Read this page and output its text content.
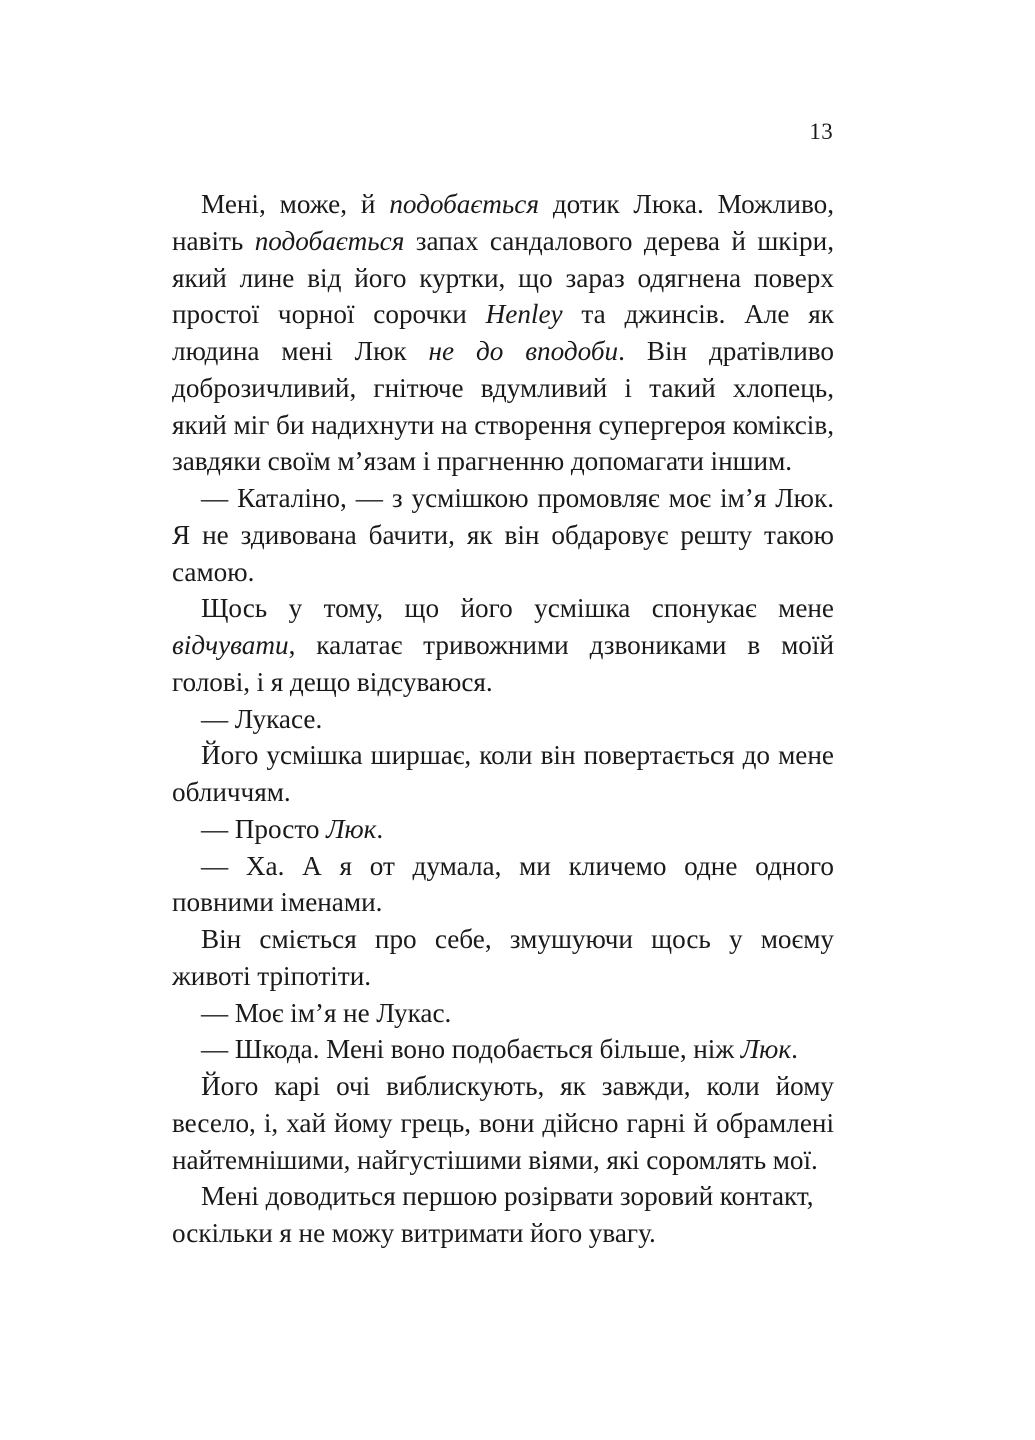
13

Мені, може, й подобається дотик Люка. Можливо, навіть подобається запах сандалового дерева й шкіри, який лине від його куртки, що зараз одягнена поверх простої чорної сорочки Henley та джинсів. Але як людина мені Люк не до вподоби. Він дратівливо доброзичливий, гнітюче вдумливий і такий хлопець, який міг би надихнути на створення супергероя коміксів, завдяки своїм м’язам і прагненню допомагати іншим.

— Каталіно, — з усмішкою промовляє моє ім’я Люк. Я не здивована бачити, як він обдаровує решту такою самою.

Щось у тому, що його усмішка спонукає мене відчувати, калатає тривожними дзвониками в моїй голові, і я дещо відсуваюся.

— Лукасе.

Його усмішка ширшає, коли він повертається до мене обличчям.

— Просто Люк.

— Ха. А я от думала, ми кличемо одне одного повними іменами.

Він сміється про себе, змушуючи щось у моєму животі тріпотіти.

— Моє ім’я не Лукас.

— Шкода. Мені воно подобається більше, ніж Люк.

Його карі очі виблискують, як завжди, коли йому весело, і, хай йому грець, вони дійсно гарні й обрамлені найтемнішими, найгустішими віями, які соромлять мої.

Мені доводиться першою розірвати зоровий контакт, оскільки я не можу витримати його увагу.
